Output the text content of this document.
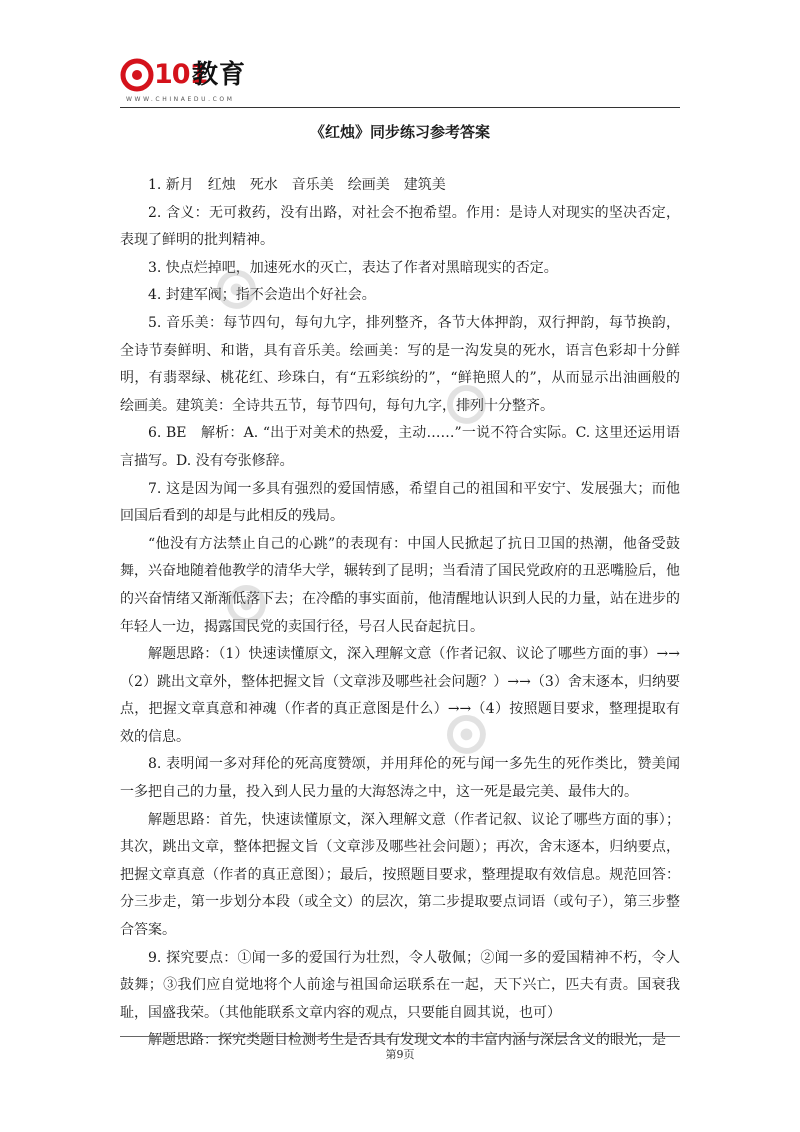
101
教育
WWW.CHINAEDU.COM
《红烛》同步练习参考答案

1. 新月　红烛　死水　音乐美　绘画美　建筑美

2. 含义：无可救药，没有出路，对社会不抱希望。作用：是诗人对现实的坚决否定，表现了鲜明的批判精神。

3. 快点烂掉吧，加速死水的灭亡，表达了作者对黑暗现实的否定。

4. 封建军阀；指不会造出个好社会。

5. 音乐美：每节四句，每句九字，排列整齐，各节大体押韵，双行押韵，每节换韵，全诗节奏鲜明、和谐，具有音乐美。绘画美：写的是一沟发臭的死水，语言色彩却十分鲜明，有翡翠绿、桃花红、珍珠白，有“五彩缤纷的”，“鲜艳照人的”，从而显示出油画般的绘画美。建筑美：全诗共五节，每节四句，每句九字，排列十分整齐。

6. BE　解析：A. “出于对美术的热爱，主动……”一说不符合实际。C. 这里还运用语言描写。D. 没有夸张修辞。

7. 这是因为闻一多具有强烈的爱国情感，希望自己的祖国和平安宁、发展强大；而他回国后看到的却是与此相反的残局。

“他没有方法禁止自己的心跳”的表现有：中国人民掀起了抗日卫国的热潮，他备受鼓舞，兴奋地随着他教学的清华大学，辗转到了昆明；当看清了国民党政府的丑恶嘴脸后，他的兴奋情绪又渐渐低落下去；在冷酷的事实面前，他清醒地认识到人民的力量，站在进步的年轻人一边，揭露国民党的卖国行径，号召人民奋起抗日。

解题思路：（1）快速读懂原文，深入理解文意（作者记叙、议论了哪些方面的事）→→（2）跳出文章外，整体把握文旨（文章涉及哪些社会问题？）→→（3）舍末逐本，归纳要点，把握文章真意和神魂（作者的真正意图是什么）→→（4）按照题目要求，整理提取有效的信息。

8. 表明闻一多对拜伦的死高度赞颂，并用拜伦的死与闻一多先生的死作类比，赞美闻一多把自己的力量，投入到人民力量的大海怒涛之中，这一死是最完美、最伟大的。

解题思路：首先，快速读懂原文，深入理解文意（作者记叙、议论了哪些方面的事）；其次，跳出文章，整体把握文旨（文章涉及哪些社会问题）；再次，舍末逐本，归纳要点，把握文章真意（作者的真正意图）；最后，按照题目要求，整理提取有效信息。规范回答：分三步走，第一步划分本段（或全文）的层次，第二步提取要点词语（或句子），第三步整合答案。

9. 探究要点：①闻一多的爱国行为壮烈，令人敬佩；②闻一多的爱国精神不朽，令人鼓舞；③我们应自觉地将个人前途与祖国命运联系在一起，天下兴亡，匹夫有责。国衰我耻，国盛我荣。（其他能联系文章内容的观点，只要能自圆其说，也可）

解题思路：探究类题目检测考生是否具有发现文本的丰富内涵与深层含义的眼光，是

第9页
